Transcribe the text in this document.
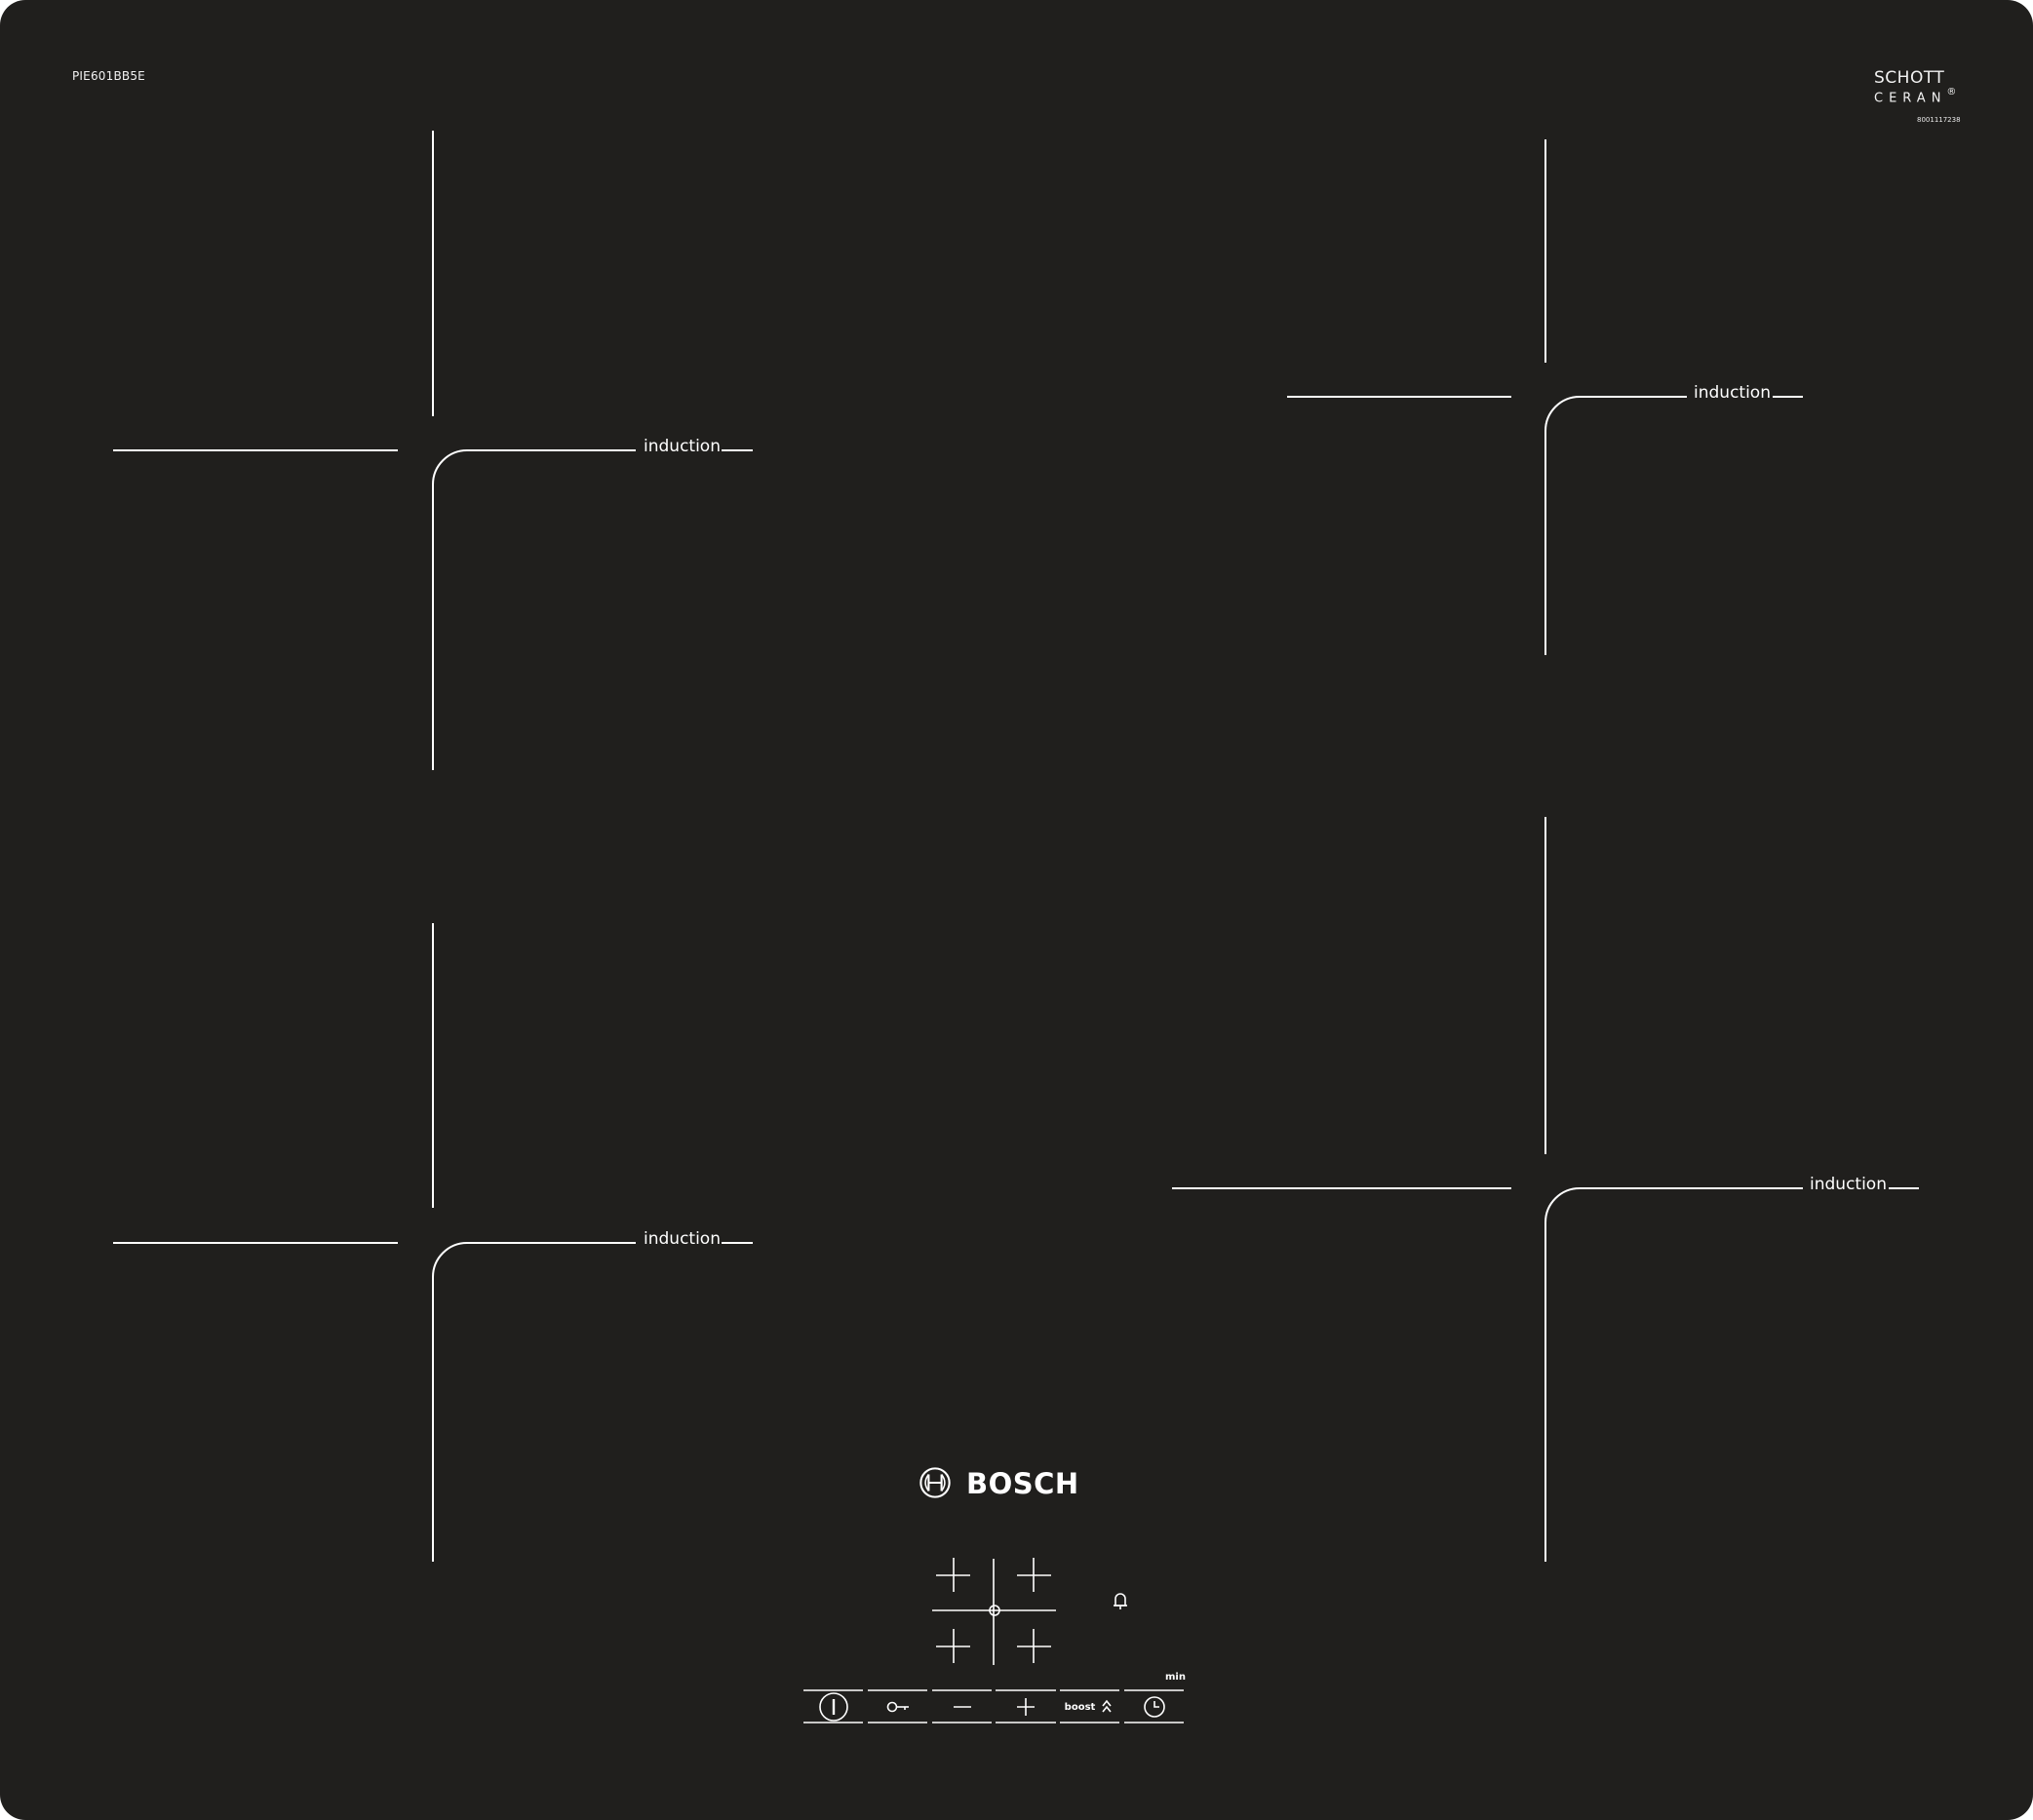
PIE601BB5E	SCHOTT
CERAN®
8001117238
induction
induction
induction
induction
BOSCH
boost
min
